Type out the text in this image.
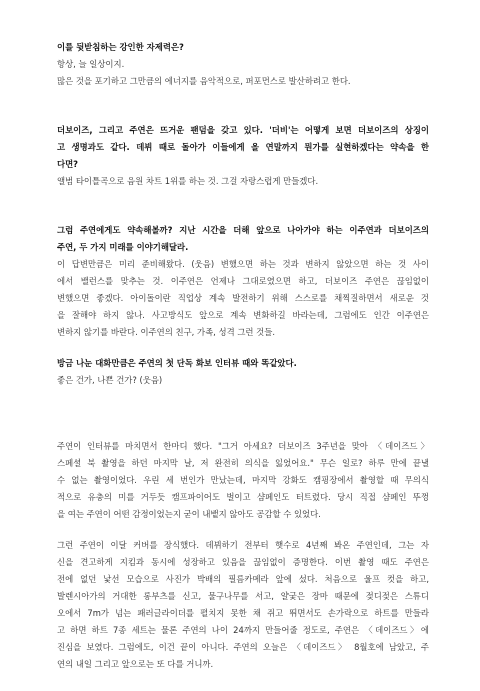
이를 뒷받침하는 강인한 자제력은?
항상, 늘 일상이지.
많은 것을 포기하고 그만큼의 에너지를 음악적으로, 퍼포먼스로 발산하려고 한다.
더보이즈, 그리고 주연은 뜨거운 팬덤을 갖고 있다. '더비'는 어떻게 보면 더보이즈의 상징이
고 생명과도 같다. 데뷔 때로 돌아가 이들에게 올 연말까지 뭔가를 실현하겠다는 약속을 한
다면?
앨범 타이틀곡으로 음원 차트 1위를 하는 것. 그걸 자랑스럽게 만들겠다.
그럼 주연에게도 약속해볼까? 지난 시간을 더해 앞으로 나아가야 하는 이주연과 더보이즈의
주연, 두 가지 미래를 이야기해달라.
이 답변만큼은 미리 준비해왔다. (웃음) 변했으면 하는 것과 변하지 않았으면 하는 것 사이
에서 밸런스를 맞추는 것. 이주연은 언제나 그대로였으면 하고, 더보이즈 주연은 끊임없이
변했으면 좋겠다. 아이돌이란 직업상 계속 발전하기 위해 스스로를 채찍질하면서 새로운 것
을 잘해야 하지 않나. 사고방식도 앞으로 계속 변화하길 바라는데, 그럼에도 인간 이주연은
변하지 않기를 바란다. 이주연의 친구, 가족, 성격 그런 것들.
방금 나눈 대화만큼은 주연의 첫 단독 화보 인터뷰 때와 똑같았다.
좋은 건가, 나쁜 건가? (웃음)
주연이 인터뷰를 마치면서 한마디 했다. "그거 아세요? 더보이즈 3주년을 맞아 〈데이즈드〉
스페셜 북 촬영을 하던 마지막 날, 저 완전히 의식을 잃었어요." 무슨 일로? 하루 만에 끝낼
수 없는 촬영이었다. 우린 세 번인가 만났는데, 마지막 강화도 캠핑장에서 촬영할 때 무의식
적으로 유충의 미를 거두듯 캠프파이어도 벌이고 샴페인도 터트렸다. 당시 직접 샴페인 뚜껑
을 여는 주연이 어떤 감정이었는지 굳이 내뱉지 않아도 공감할 수 있었다.
그런 주연이 이달 커버를 장식했다. 데뷔하기 전부터 햇수로 4년째 봐온 주연인데, 그는 자
신을 견고하게 지킴과 동시에 성장하고 있음을 끊임없이 증명한다. 이번 촬영 때도 주연은
전에 없던 낯선 모습으로 사진가 박배의 필름카메라 앞에 섰다. 처음으로 울프 컷을 하고,
발렌시아가의 거대한 롱부츠를 신고, 물구나무를 서고, 얄궂은 장마 때문에 젖디젖은 스튜디
오에서 7m가 넘는 패러글라이더를 펼치지 못한 채 쥐고 뛰면서도 손가락으로 하트를 만들라
고 하면 하트 7종 세트는 물론 주연의 나이 24까지 만들어줄 정도로, 주연은 〈데이즈드〉에
진심을 보였다. 그럼에도, 이건 끝이 아니다. 주연의 오늘은 〈데이즈드〉 8월호에 남았고, 주
연의 내일 그리고 앞으로는 또 다를 거니까.
